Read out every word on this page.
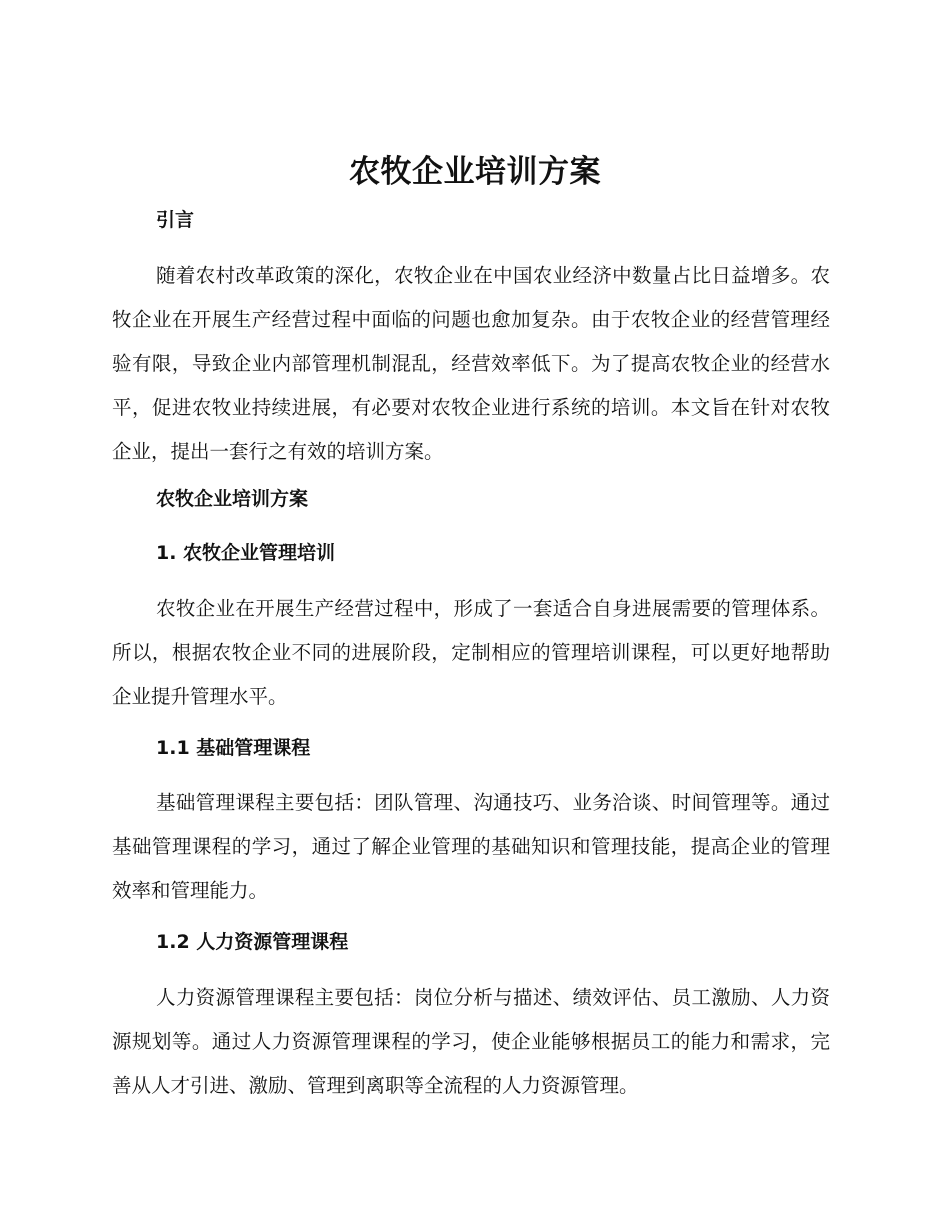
农牧企业培训方案
引言

随着农村改革政策的深化，农牧企业在中国农业经济中数量占比日益增多。农牧企业在开展生产经营过程中面临的问题也愈加复杂。由于农牧企业的经营管理经验有限，导致企业内部管理机制混乱，经营效率低下。为了提高农牧企业的经营水平，促进农牧业持续进展，有必要对农牧企业进行系统的培训。本文旨在针对农牧企业，提出一套行之有效的培训方案。

农牧企业培训方案
1. 农牧企业管理培训

农牧企业在开展生产经营过程中，形成了一套适合自身进展需要的管理体系。所以，根据农牧企业不同的进展阶段，定制相应的管理培训课程，可以更好地帮助企业提升管理水平。

1.1 基础管理课程

基础管理课程主要包括：团队管理、沟通技巧、业务洽谈、时间管理等。通过基础管理课程的学习，通过了解企业管理的基础知识和管理技能，提高企业的管理效率和管理能力。

1.2 人力资源管理课程

人力资源管理课程主要包括：岗位分析与描述、绩效评估、员工激励、人力资源规划等。通过人力资源管理课程的学习，使企业能够根据员工的能力和需求，完善从人才引进、激励、管理到离职等全流程的人力资源管理。
